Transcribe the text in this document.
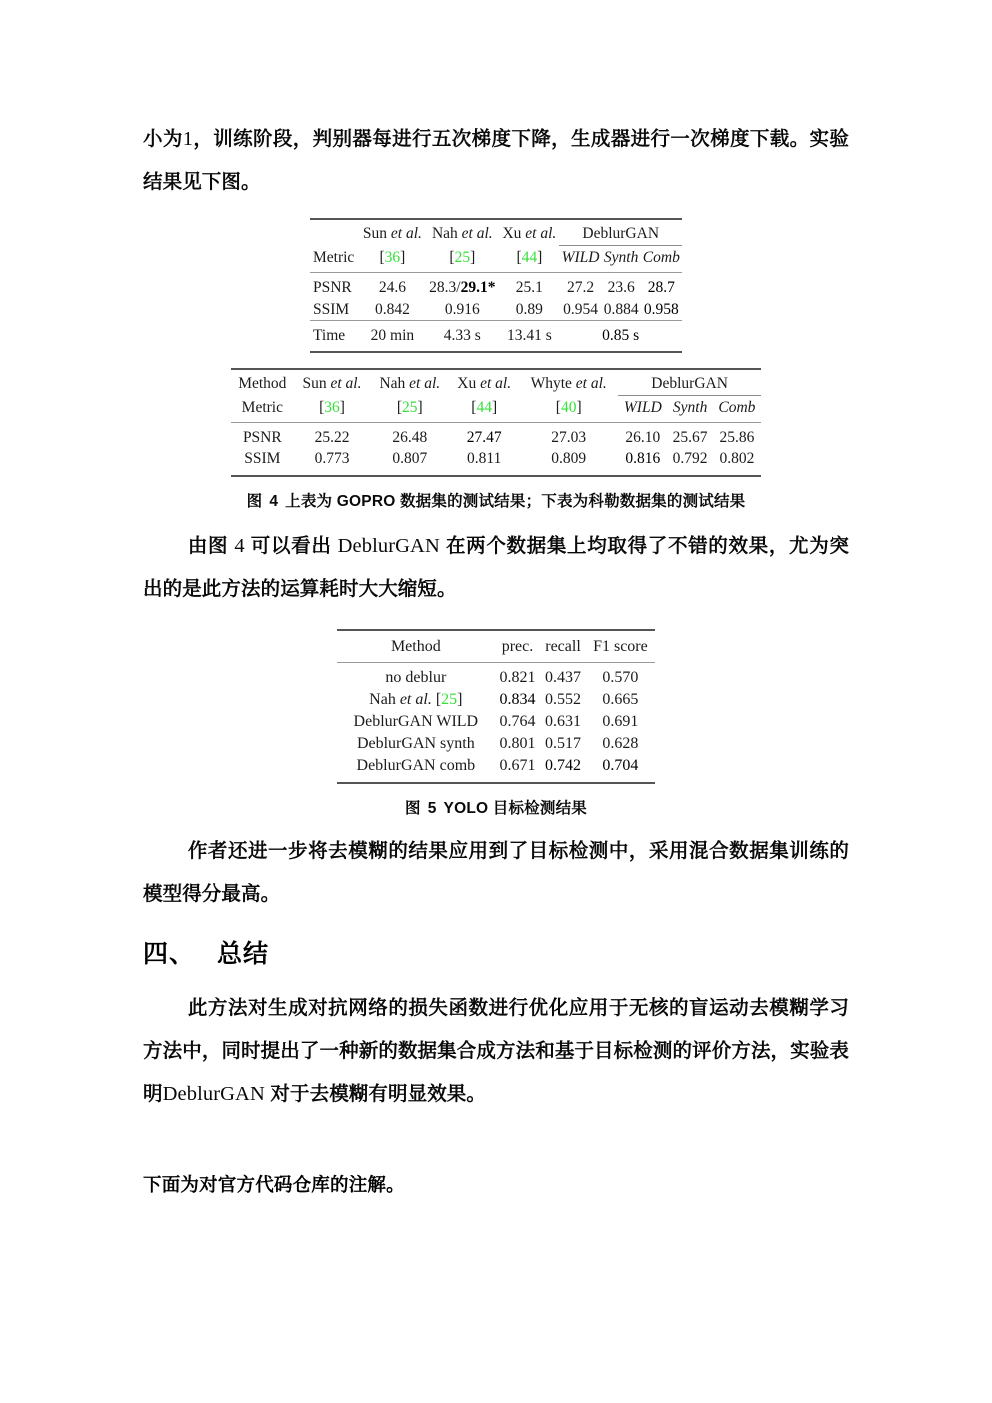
小为1，训练阶段，判别器每进行五次梯度下降，生成器进行一次梯度下载。实验结果见下图。

	Sun et al.	Nah et al.	Xu et al.	DeblurGAN		
Metric	[36]	[25]	[44]	WILD	Synth	Comb
PSNR	24.6	28.3/29.1*	25.1	27.2	23.6	28.7
SSIM	0.842	0.916	0.89	0.954	0.884	0.958
Time	20 min	4.33 s	13.41 s	0.85 s		
Method	Sun et al.	Nah et al.	Xu et al.	Whyte et al.	DeblurGAN		
Metric	[36]	[25]	[44]	[40]	WILD	Synth	Comb
PSNR	25.22	26.48	27.47	27.03	26.10	25.67	25.86
SSIM	0.773	0.807	0.811	0.809	0.816	0.792	0.802

图 4 上表为 GOPRO 数据集的测试结果；下表为科勒数据集的测试结果

由图 4 可以看出 DeblurGAN 在两个数据集上均取得了不错的效果，尤为突出的是此方法的运算耗时大大缩短。

Method	prec.	recall	F1 score
no deblur	0.821	0.437	0.570
Nah et al. [25]	0.834	0.552	0.665
DeblurGAN WILD	0.764	0.631	0.691
DeblurGAN synth	0.801	0.517	0.628
DeblurGAN comb	0.671	0.742	0.704

图 5 YOLO 目标检测结果

作者还进一步将去模糊的结果应用到了目标检测中，采用混合数据集训练的模型得分最高。

四、 总结

此方法对生成对抗网络的损失函数进行优化应用于无核的盲运动去模糊学习方法中，同时提出了一种新的数据集合成方法和基于目标检测的评价方法，实验表明DeblurGAN 对于去模糊有明显效果。

下面为对官方代码仓库的注解。
